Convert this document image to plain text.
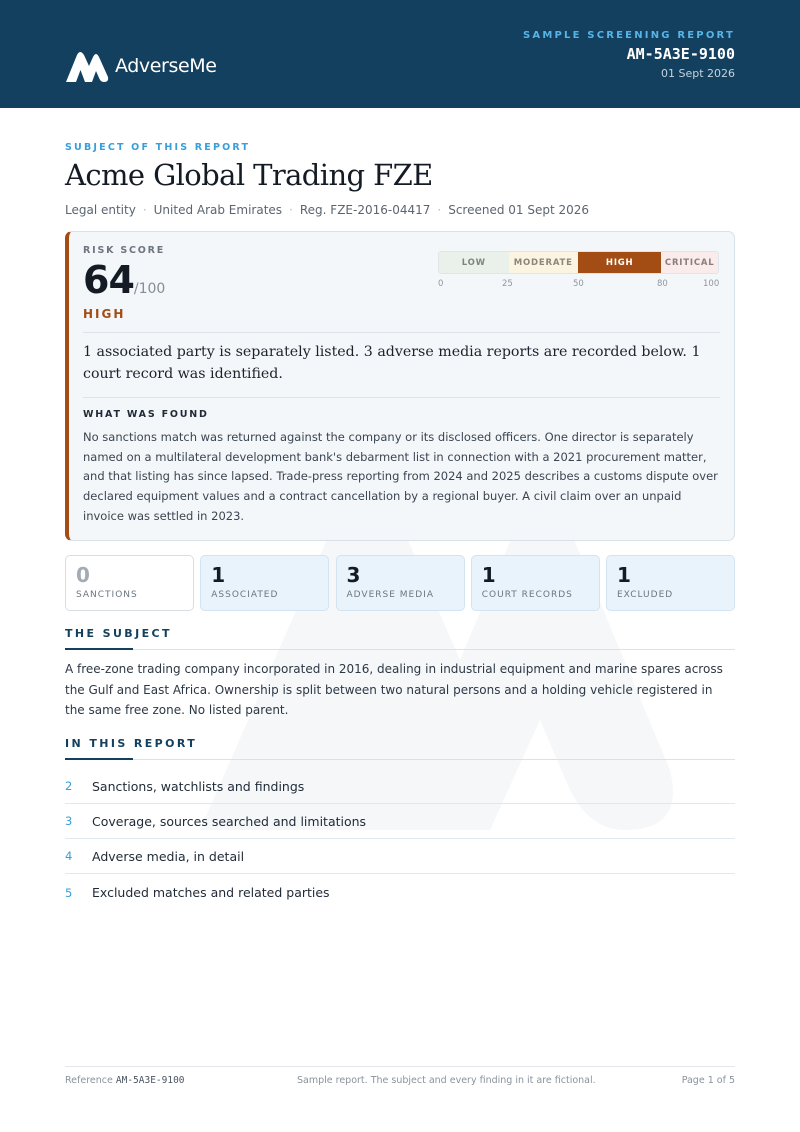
AdverseMe
SAMPLE SCREENING REPORT
AM-5A3E-9100
01 Sept 2026
SUBJECT OF THIS REPORT
Acme Global Trading FZE
Legal entity · United Arab Emirates · Reg. FZE-2016-04417 · Screened 01 Sept 2026
RISK SCORE
64/100
HIGH
LOW	MODERATE	HIGH	CRITICAL
0	25	50	80	100
1 associated party is separately listed. 3 adverse media reports are recorded below. 1 court record was identified.
WHAT WAS FOUND
No sanctions match was returned against the company or its disclosed officers. One director is separately named on a multilateral development bank's debarment list in connection with a 2021 procurement matter, and that listing has since lapsed. Trade-press reporting from 2024 and 2025 describes a customs dispute over declared equipment values and a contract cancellation by a regional buyer. A civil claim over an unpaid invoice was settled in 2023.
0
SANCTIONS
1
ASSOCIATED
3
ADVERSE MEDIA
1
COURT RECORDS
1
EXCLUDED
THE SUBJECT
A free-zone trading company incorporated in 2016, dealing in industrial equipment and marine spares across the Gulf and East Africa. Ownership is split between two natural persons and a holding vehicle registered in the same free zone. No listed parent.
IN THIS REPORT
2	Sanctions, watchlists and findings
3	Coverage, sources searched and limitations
4	Adverse media, in detail
5	Excluded matches and related parties
Reference AM-5A3E-9100	Sample report. The subject and every finding in it are fictional.	Page 1 of 5
